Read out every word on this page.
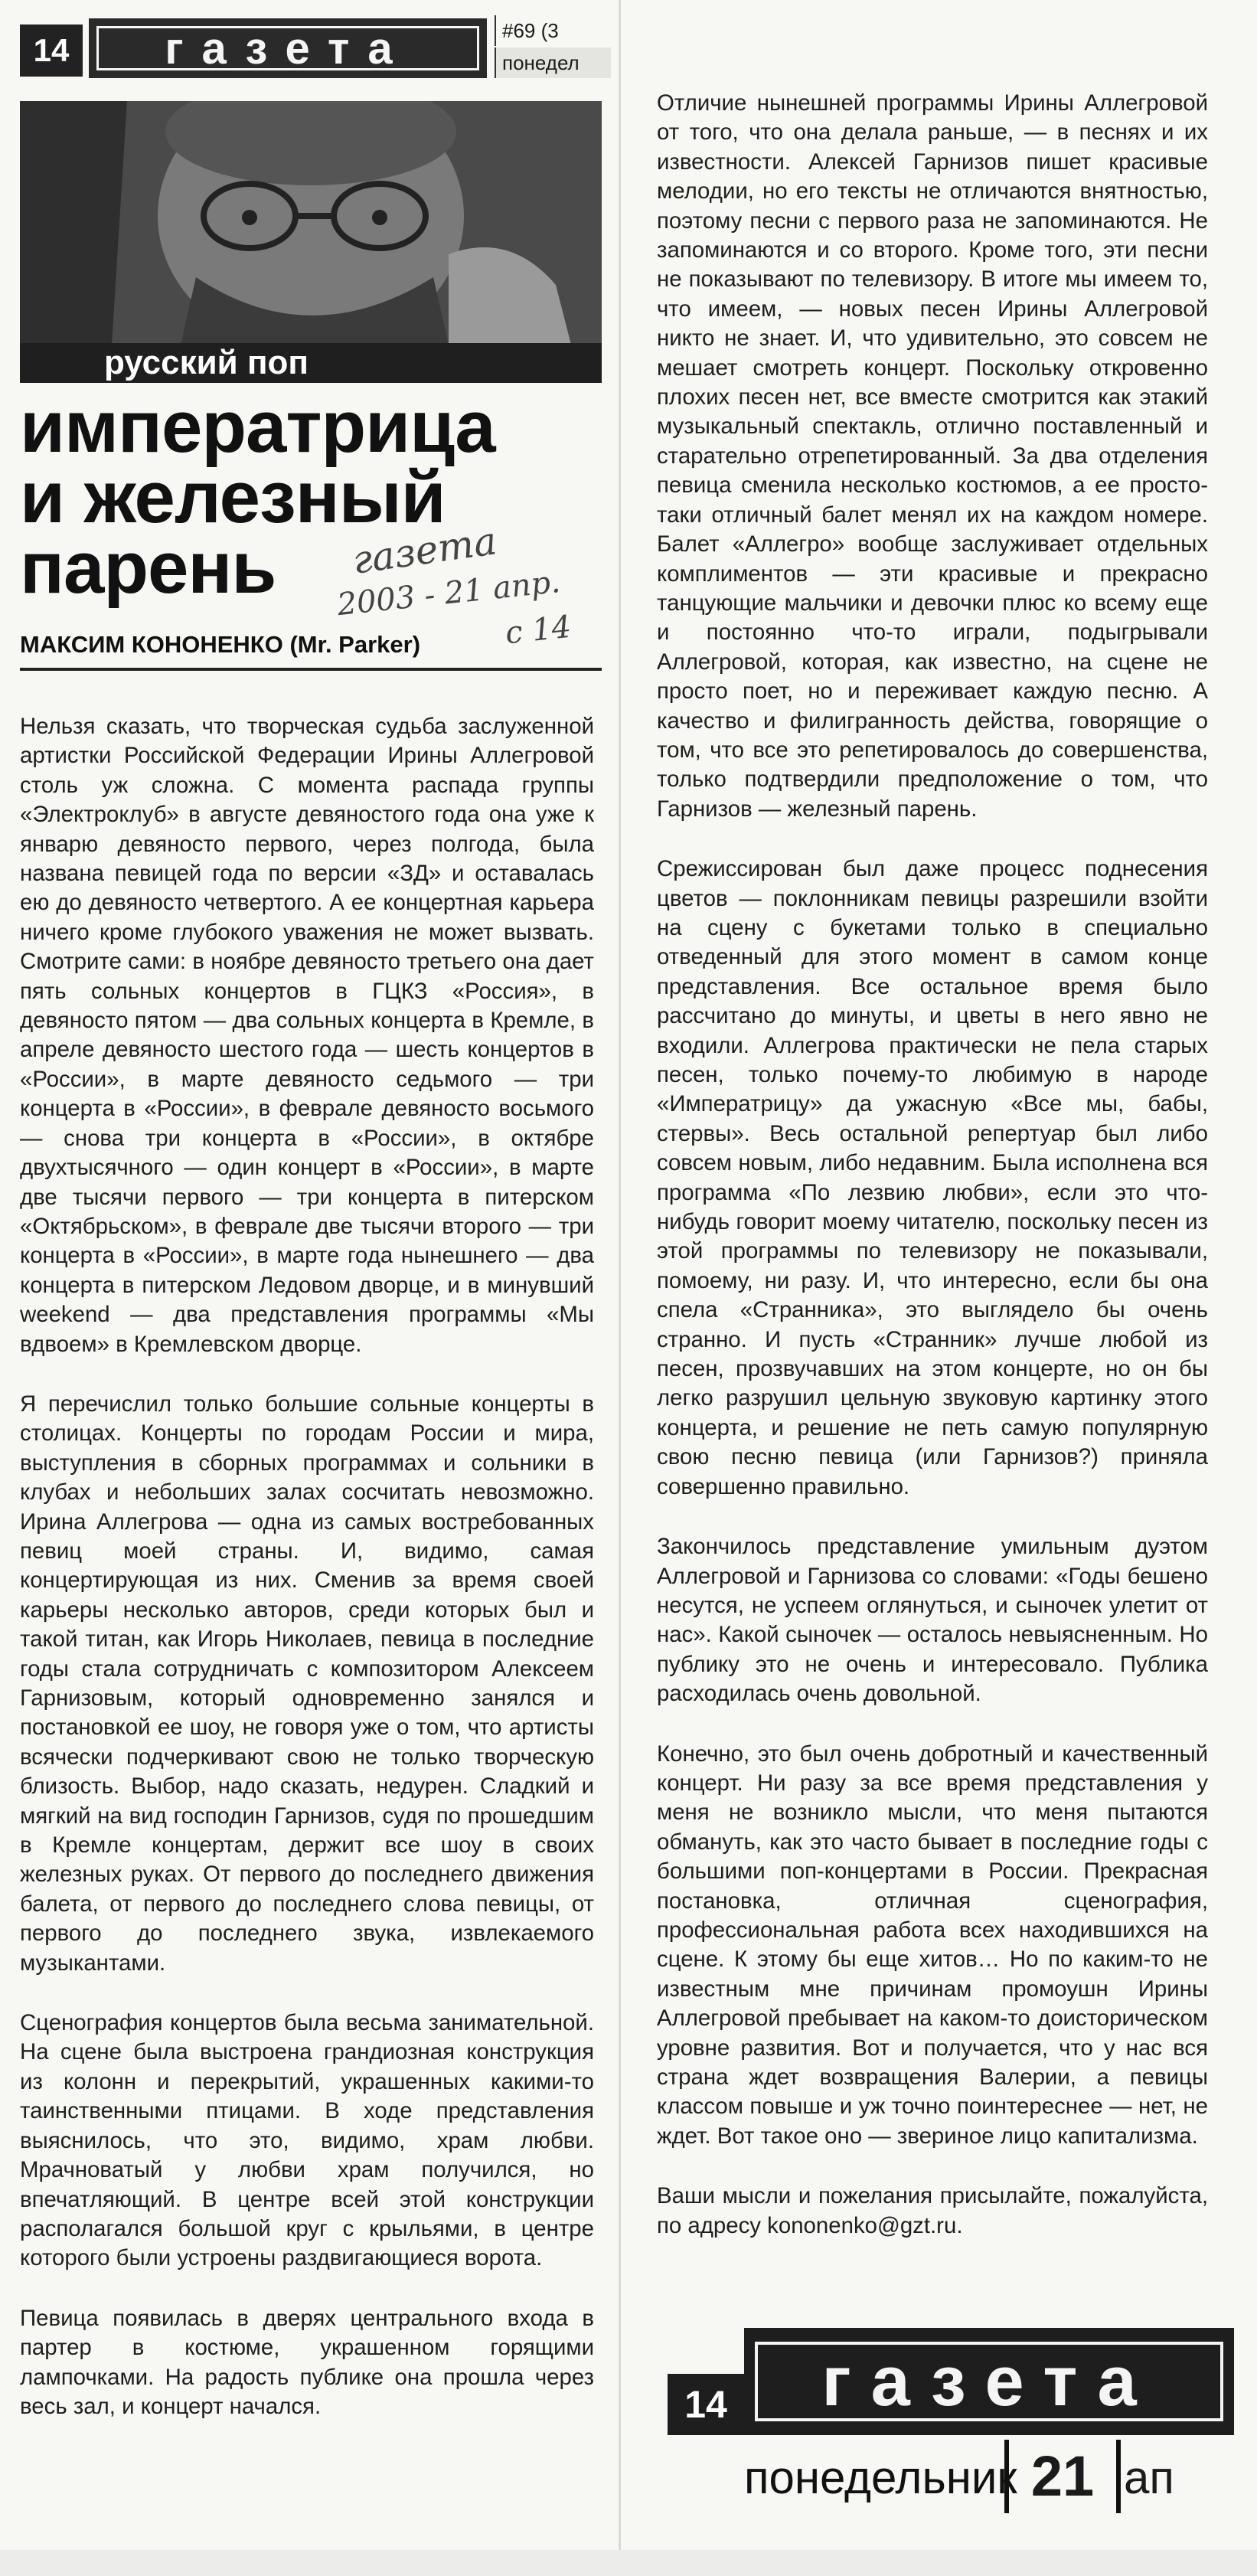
14	газета	#69 (3
понедел
русский поп
императрица
и железный
парень	газета
2003 - 21 апр.
с 14
МАКСИМ КОНОНЕНКО (Mr. Parker)

Нельзя сказать, что творческая судьба заслуженной артистки Российской Федерации Ирины Аллегровой столь уж сложна. С момента распада группы «Электроклуб» в августе девяностого года она уже к январю девяносто первого, через полгода, была названа певицей года по версии «ЗД» и оставалась ею до девяносто четвертого. А ее концертная карьера ничего кроме глубокого уважения не может вызвать. Смотрите сами: в ноябре девяносто третьего она дает пять сольных концертов в ГЦКЗ «Россия», в девяносто пятом — два сольных концерта в Кремле, в апреле девяносто шестого года — шесть концертов в «России», в марте девяносто седьмого — три концерта в «России», в феврале девяносто восьмого — снова три концерта в «России», в октябре двухтысячного — один концерт в «России», в марте две тысячи первого — три концерта в питерском «Октябрьском», в феврале две тысячи второго — три концерта в «России», в марте года нынешнего — два концерта в питерском Ледовом дворце, и в минувший weekend — два представления программы «Мы вдвоем» в Кремлевском дворце.

Я перечислил только большие сольные концерты в столицах. Концерты по городам России и мира, выступления в сборных программах и сольники в клубах и небольших залах сосчитать невозможно. Ирина Аллегрова — одна из самых востребованных певиц моей страны. И, видимо, самая концертирующая из них. Сменив за время своей карьеры несколько авторов, среди которых был и такой титан, как Игорь Николаев, певица в последние годы стала сотрудничать с композитором Алексеем Гарнизовым, который одновременно занялся и постановкой ее шоу, не говоря уже о том, что артисты всячески подчеркивают свою не только творческую близость. Выбор, надо сказать, недурен. Сладкий и мягкий на вид господин Гарнизов, судя по прошедшим в Кремле концертам, держит все шоу в своих железных руках. От первого до последнего движения балета, от первого до последнего слова певицы, от первого до последнего звука, извлекаемого музыкантами.

Сценография концертов была весьма занимательной. На сцене была выстроена грандиозная конструкция из колонн и перекрытий, украшенных какими-то таинственными птицами. В ходе представления выяснилось, что это, видимо, храм любви. Мрачноватый у любви храм получился, но впечатляющий. В центре всей этой конструкции располагался большой круг с крыльями, в центре которого были устроены раздвигающиеся ворота.

Певица появилась в дверях центрального входа в партер в костюме, украшенном горящими лампочками. На радость публике она прошла через весь зал, и концерт начался.

Отличие нынешней программы Ирины Аллегровой от того, что она делала раньше, — в песнях и их известности. Алексей Гарнизов пишет красивые мелодии, но его тексты не отличаются внятностью, поэтому песни с первого раза не запоминаются. Не запоминаются и со второго. Кроме того, эти песни не показывают по телевизору. В итоге мы имеем то, что имеем, — новых песен Ирины Аллегровой никто не знает. И, что удивительно, это совсем не мешает смотреть концерт. Поскольку откровенно плохих песен нет, все вместе смотрится как этакий музыкальный спектакль, отлично поставленный и старательно отрепетированный. За два отделения певица сменила несколько костюмов, а ее просто-таки отличный балет менял их на каждом номере. Балет «Аллегро» вообще заслуживает отдельных комплиментов — эти красивые и прекрасно танцующие мальчики и девочки плюс ко всему еще и постоянно что-то играли, подыгрывали Аллегровой, которая, как известно, на сцене не просто поет, но и переживает каждую песню. А качество и филигранность действа, говорящие о том, что все это репетировалось до совершенства, только подтвердили предположение о том, что Гарнизов — железный парень.

Срежиссирован был даже процесс поднесения цветов — поклонникам певицы разрешили взойти на сцену с букетами только в специально отведенный для этого момент в самом конце представления. Все остальное время было рассчитано до минуты, и цветы в него явно не входили. Аллегрова практически не пела старых песен, только почему-то любимую в народе «Императрицу» да ужасную «Все мы, бабы, стервы». Весь остальной репертуар был либо совсем новым, либо недавним. Была исполнена вся программа «По лезвию любви», если это что-нибудь говорит моему читателю, поскольку песен из этой программы по телевизору не показывали, помоему, ни разу. И, что интересно, если бы она спела «Странника», это выглядело бы очень странно. И пусть «Странник» лучше любой из песен, прозвучавших на этом концерте, но он бы легко разрушил цельную звуковую картинку этого концерта, и решение не петь самую популярную свою песню певица (или Гарнизов?) приняла совершенно правильно.

Закончилось представление умильным дуэтом Аллегровой и Гарнизова со словами: «Годы бешено несутся, не успеем оглянуться, и сыночек улетит от нас». Какой сыночек — осталось невыясненным. Но публику это не очень и интересовало. Публика расходилась очень довольной.

Конечно, это был очень добротный и качественный концерт. Ни разу за все время представления у меня не возникло мысли, что меня пытаются обмануть, как это часто бывает в последние годы с большими поп-концертами в России. Прекрасная постановка, отличная сценография, профессиональная работа всех находившихся на сцене. К этому бы еще хитов… Но по каким-то не известным мне причинам промоушн Ирины Аллегровой пребывает на каком-то доисторическом уровне развития. Вот и получается, что у нас вся страна ждет возвращения Валерии, а певицы классом повыше и уж точно поинтереснее — нет, не ждет. Вот такое оно — звериное лицо капитализма.

Ваши мысли и пожелания присылайте, пожалуйста, по адресу kononenko@gzt.ru.

газета
14
понедельник 21 ап
